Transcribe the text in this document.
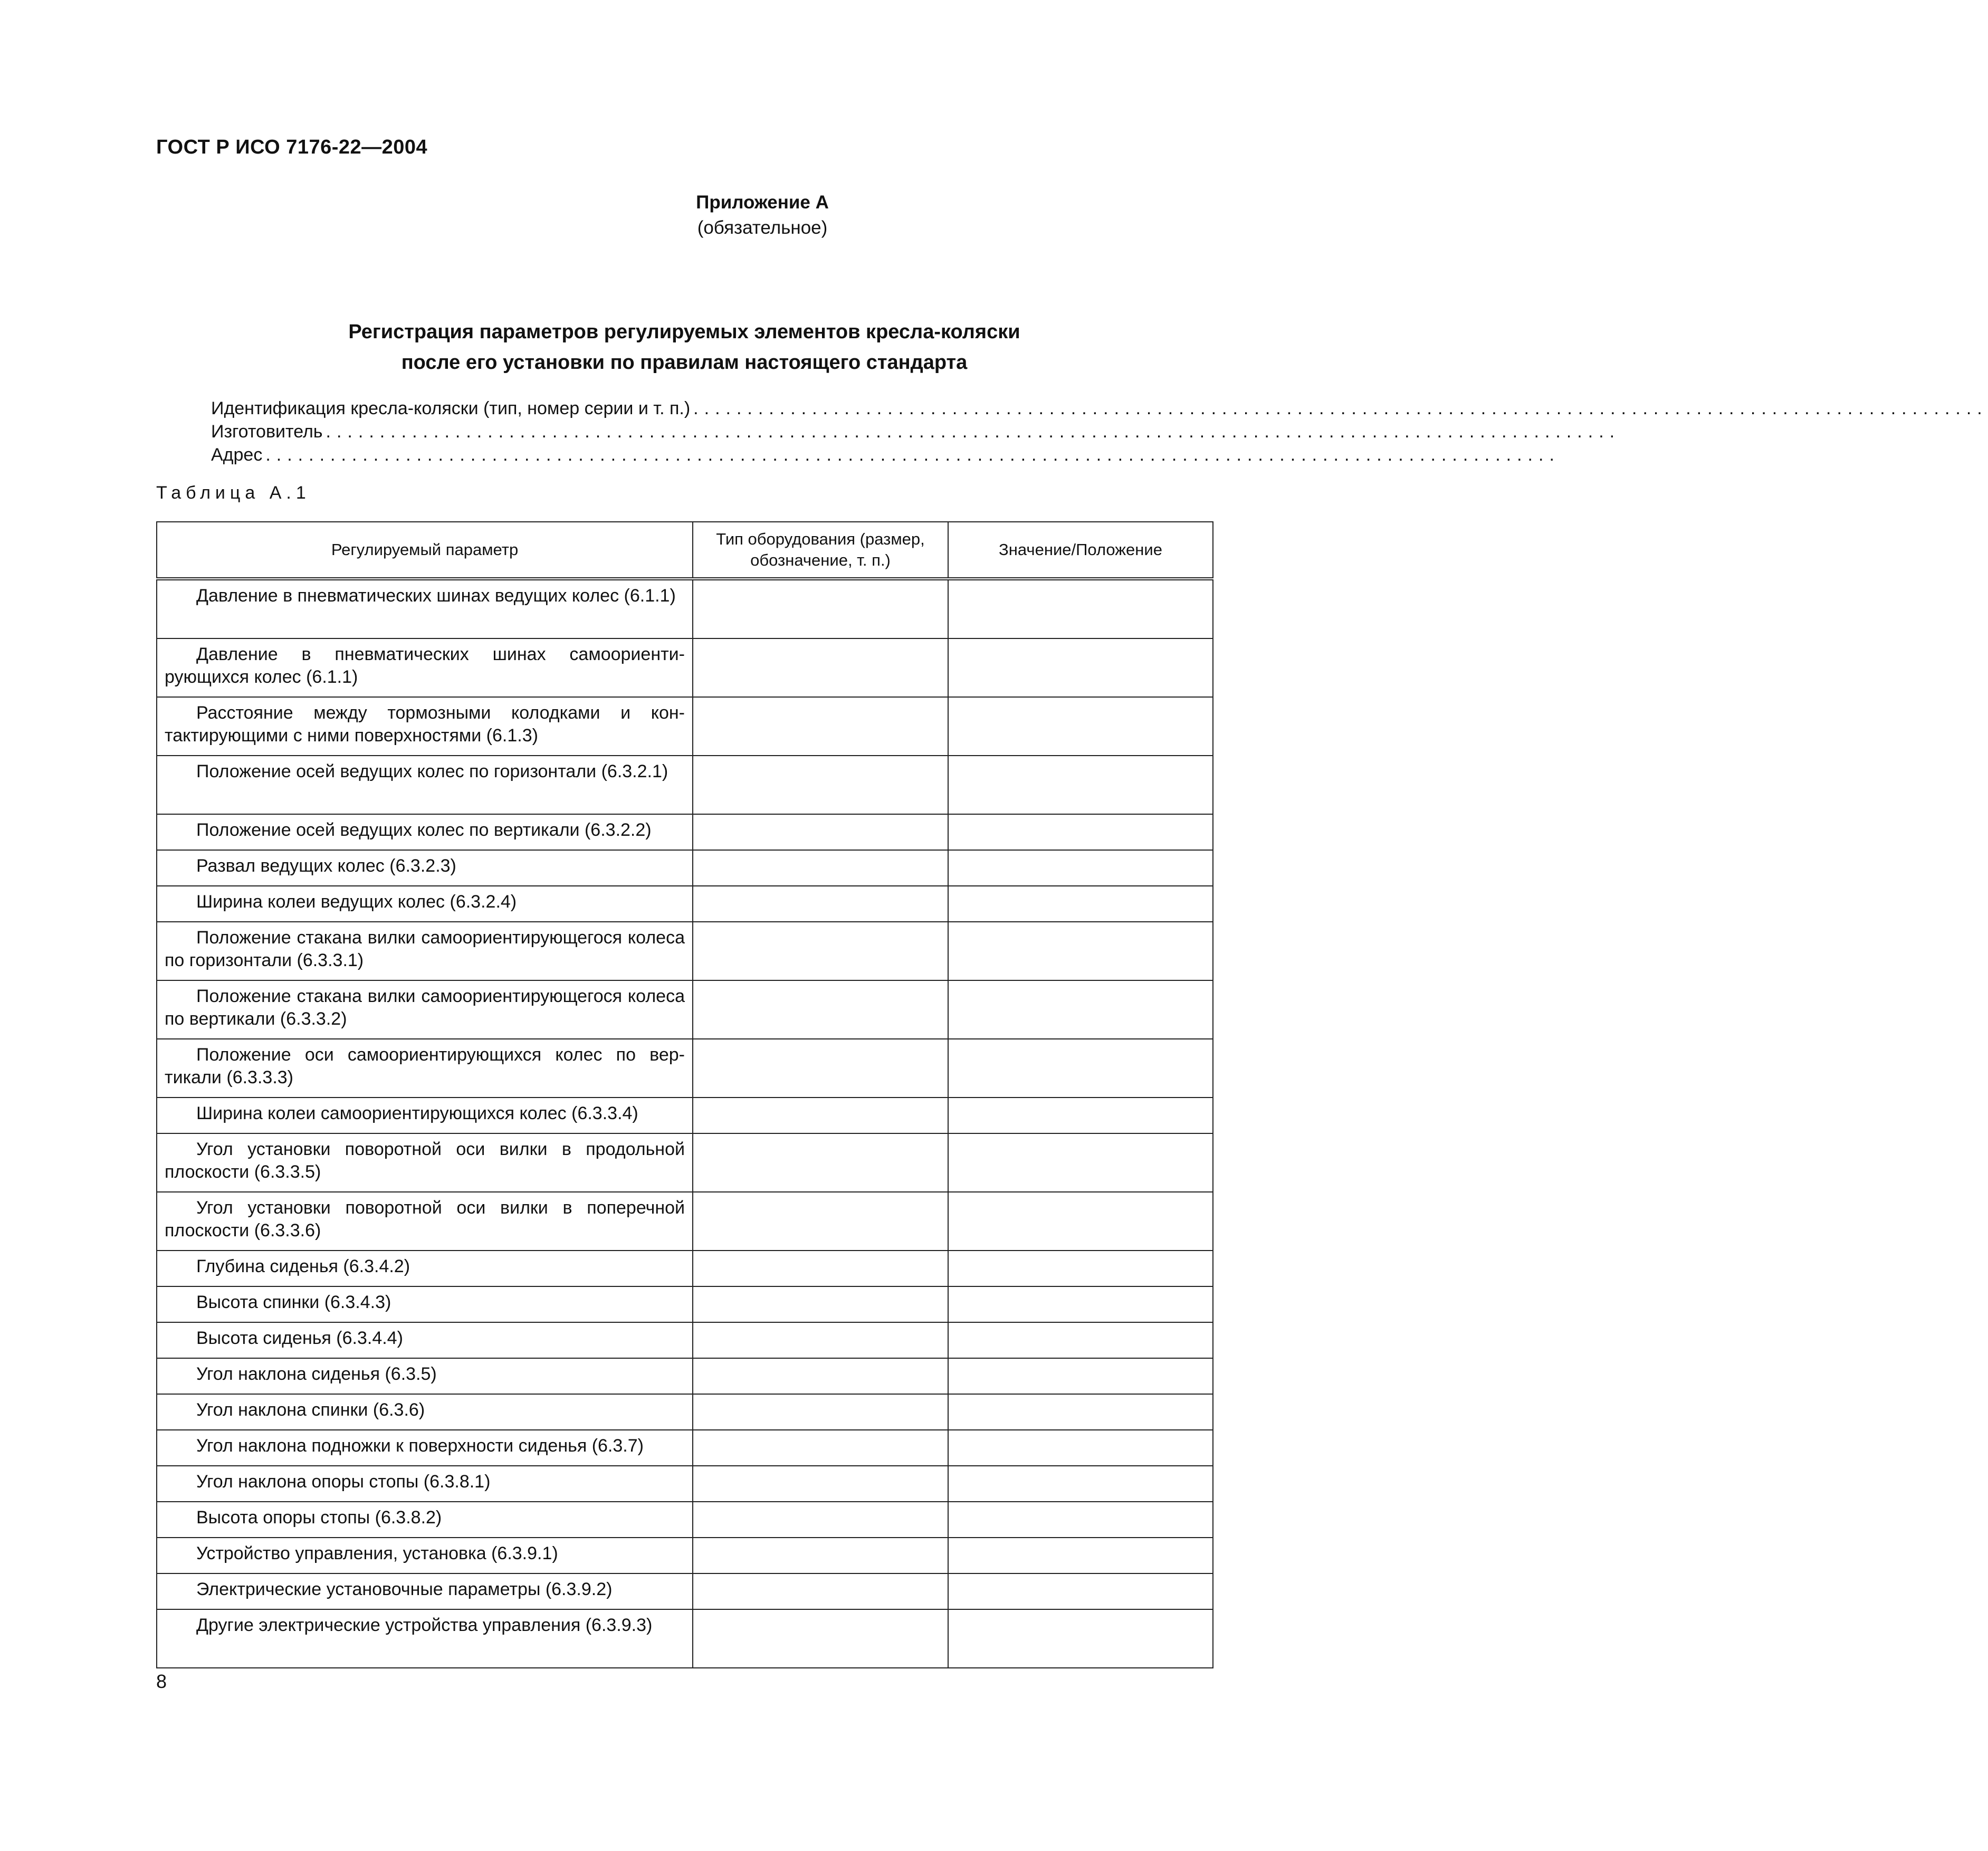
ГОСТ Р ИСО 7176-22—2004
Приложение А
(обязательное)
Регистрация параметров регулируемых элементов кресла-коляски
после его установки по правилам настоящего стандарта
Идентификация кресла-коляски (тип, номер серии и т. п.) ........................................................................................................................
Изготовитель ........................................................................................................................
Адрес ........................................................................................................................
Таблица А.1
Регулируемый параметр	Тип оборудования (размер, обозначение, т. п.)	Значение/Положение
Давление в пневматических шинах ведущих колес (6.1.1)		
Давление в пневматических шинах самоориенти-рующихся колес (6.1.1)		
Расстояние между тормозными колодками и кон-тактирующими с ними поверхностями (6.1.3)		
Положение осей ведущих колес по горизонтали (6.3.2.1)		
Положение осей ведущих колес по вертикали (6.3.2.2)		
Развал ведущих колес (6.3.2.3)		
Ширина колеи ведущих колес (6.3.2.4)		
Положение стакана вилки самоориентирующегося колеса по горизонтали (6.3.3.1)		
Положение стакана вилки самоориентирующегося колеса по вертикали (6.3.3.2)		
Положение оси самоориентирующихся колес по вер-тикали (6.3.3.3)		
Ширина колеи самоориентирующихся колес (6.3.3.4)		
Угол установки поворотной оси вилки в продольной плоскости (6.3.3.5)		
Угол установки поворотной оси вилки в поперечной плоскости (6.3.3.6)		
Глубина сиденья (6.3.4.2)		
Высота спинки (6.3.4.3)		
Высота сиденья (6.3.4.4)		
Угол наклона сиденья (6.3.5)		
Угол наклона спинки (6.3.6)		
Угол наклона подножки к поверхности сиденья (6.3.7)		
Угол наклона опоры стопы (6.3.8.1)		
Высота опоры стопы (6.3.8.2)		
Устройство управления, установка (6.3.9.1)		
Электрические установочные параметры (6.3.9.2)		
Другие электрические устройства управления (6.3.9.3)		
8
